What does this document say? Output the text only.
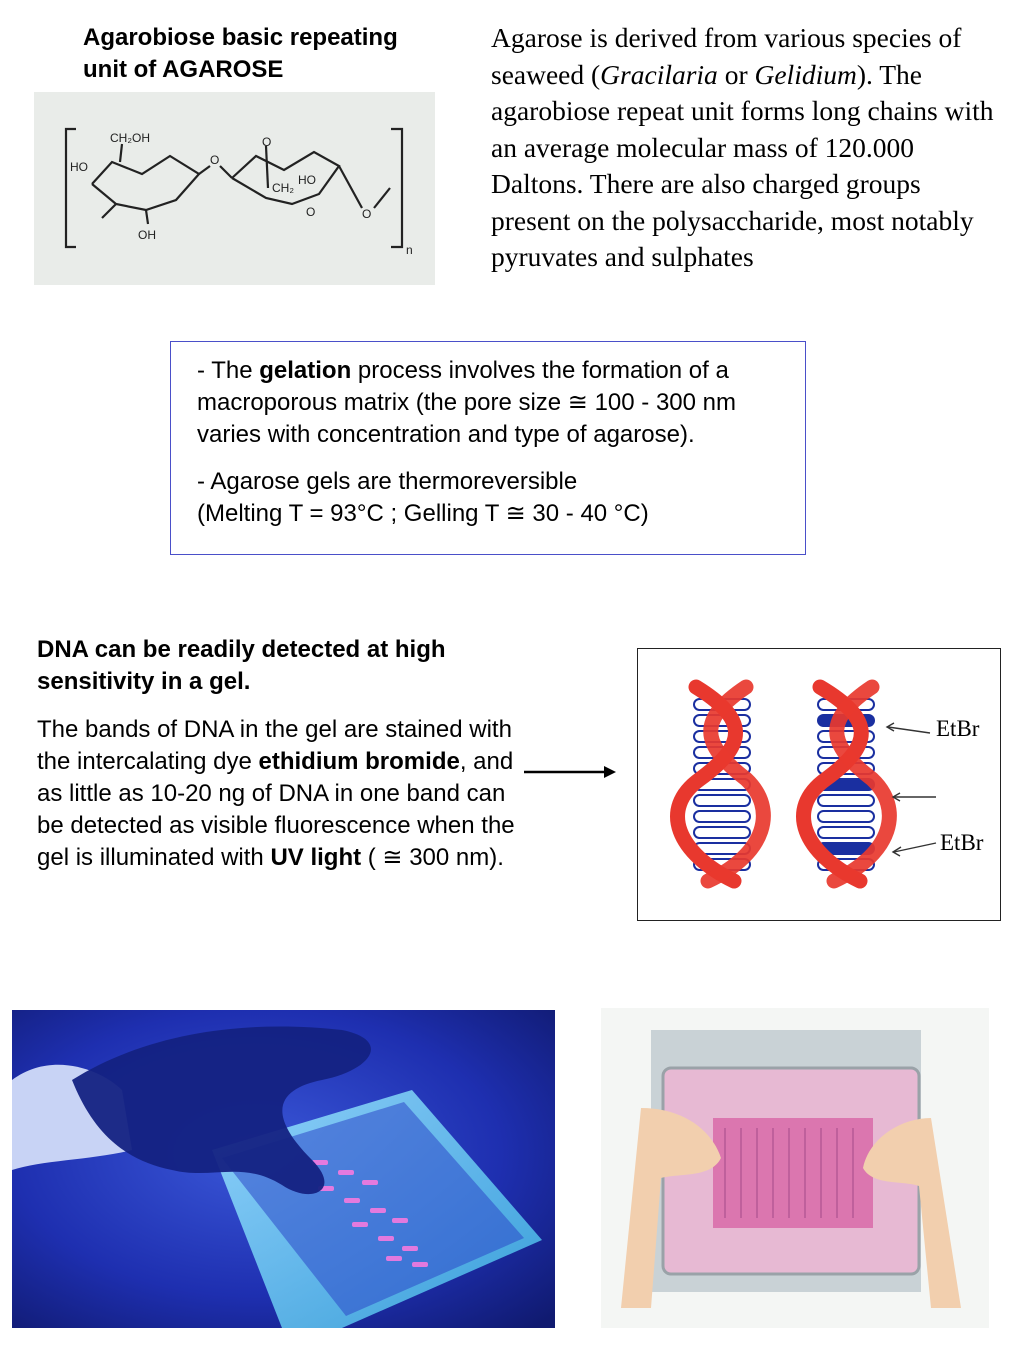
Agarobiose basic repeating
unit of AGAROSE
CH₂OH
HO	O
O
CH₂
HO
OH
O	O
n
Agarose is derived from various species of seaweed (Gracilaria or Gelidium). The agarobiose repeat unit forms long chains with an average molecular mass of 120.000 Daltons. There are also charged groups present on the polysaccharide, most notably pyruvates and sulphates
- The gelation process involves the formation of a macroporous matrix (the pore size ≅ 100 - 300 nm varies with concentration and type of agarose).
- Agarose gels are thermoreversible
(Melting T = 93°C ; Gelling T ≅ 30 - 40 °C)
DNA can be readily detected at high sensitivity in a gel.
The bands of DNA in the gel are stained with the intercalating dye ethidium bromide, and as little as 10-20 ng of DNA in one band can be detected as visible fluorescence when the gel is illuminated with UV light ( ≅ 300 nm).
EtBr
EtBr
